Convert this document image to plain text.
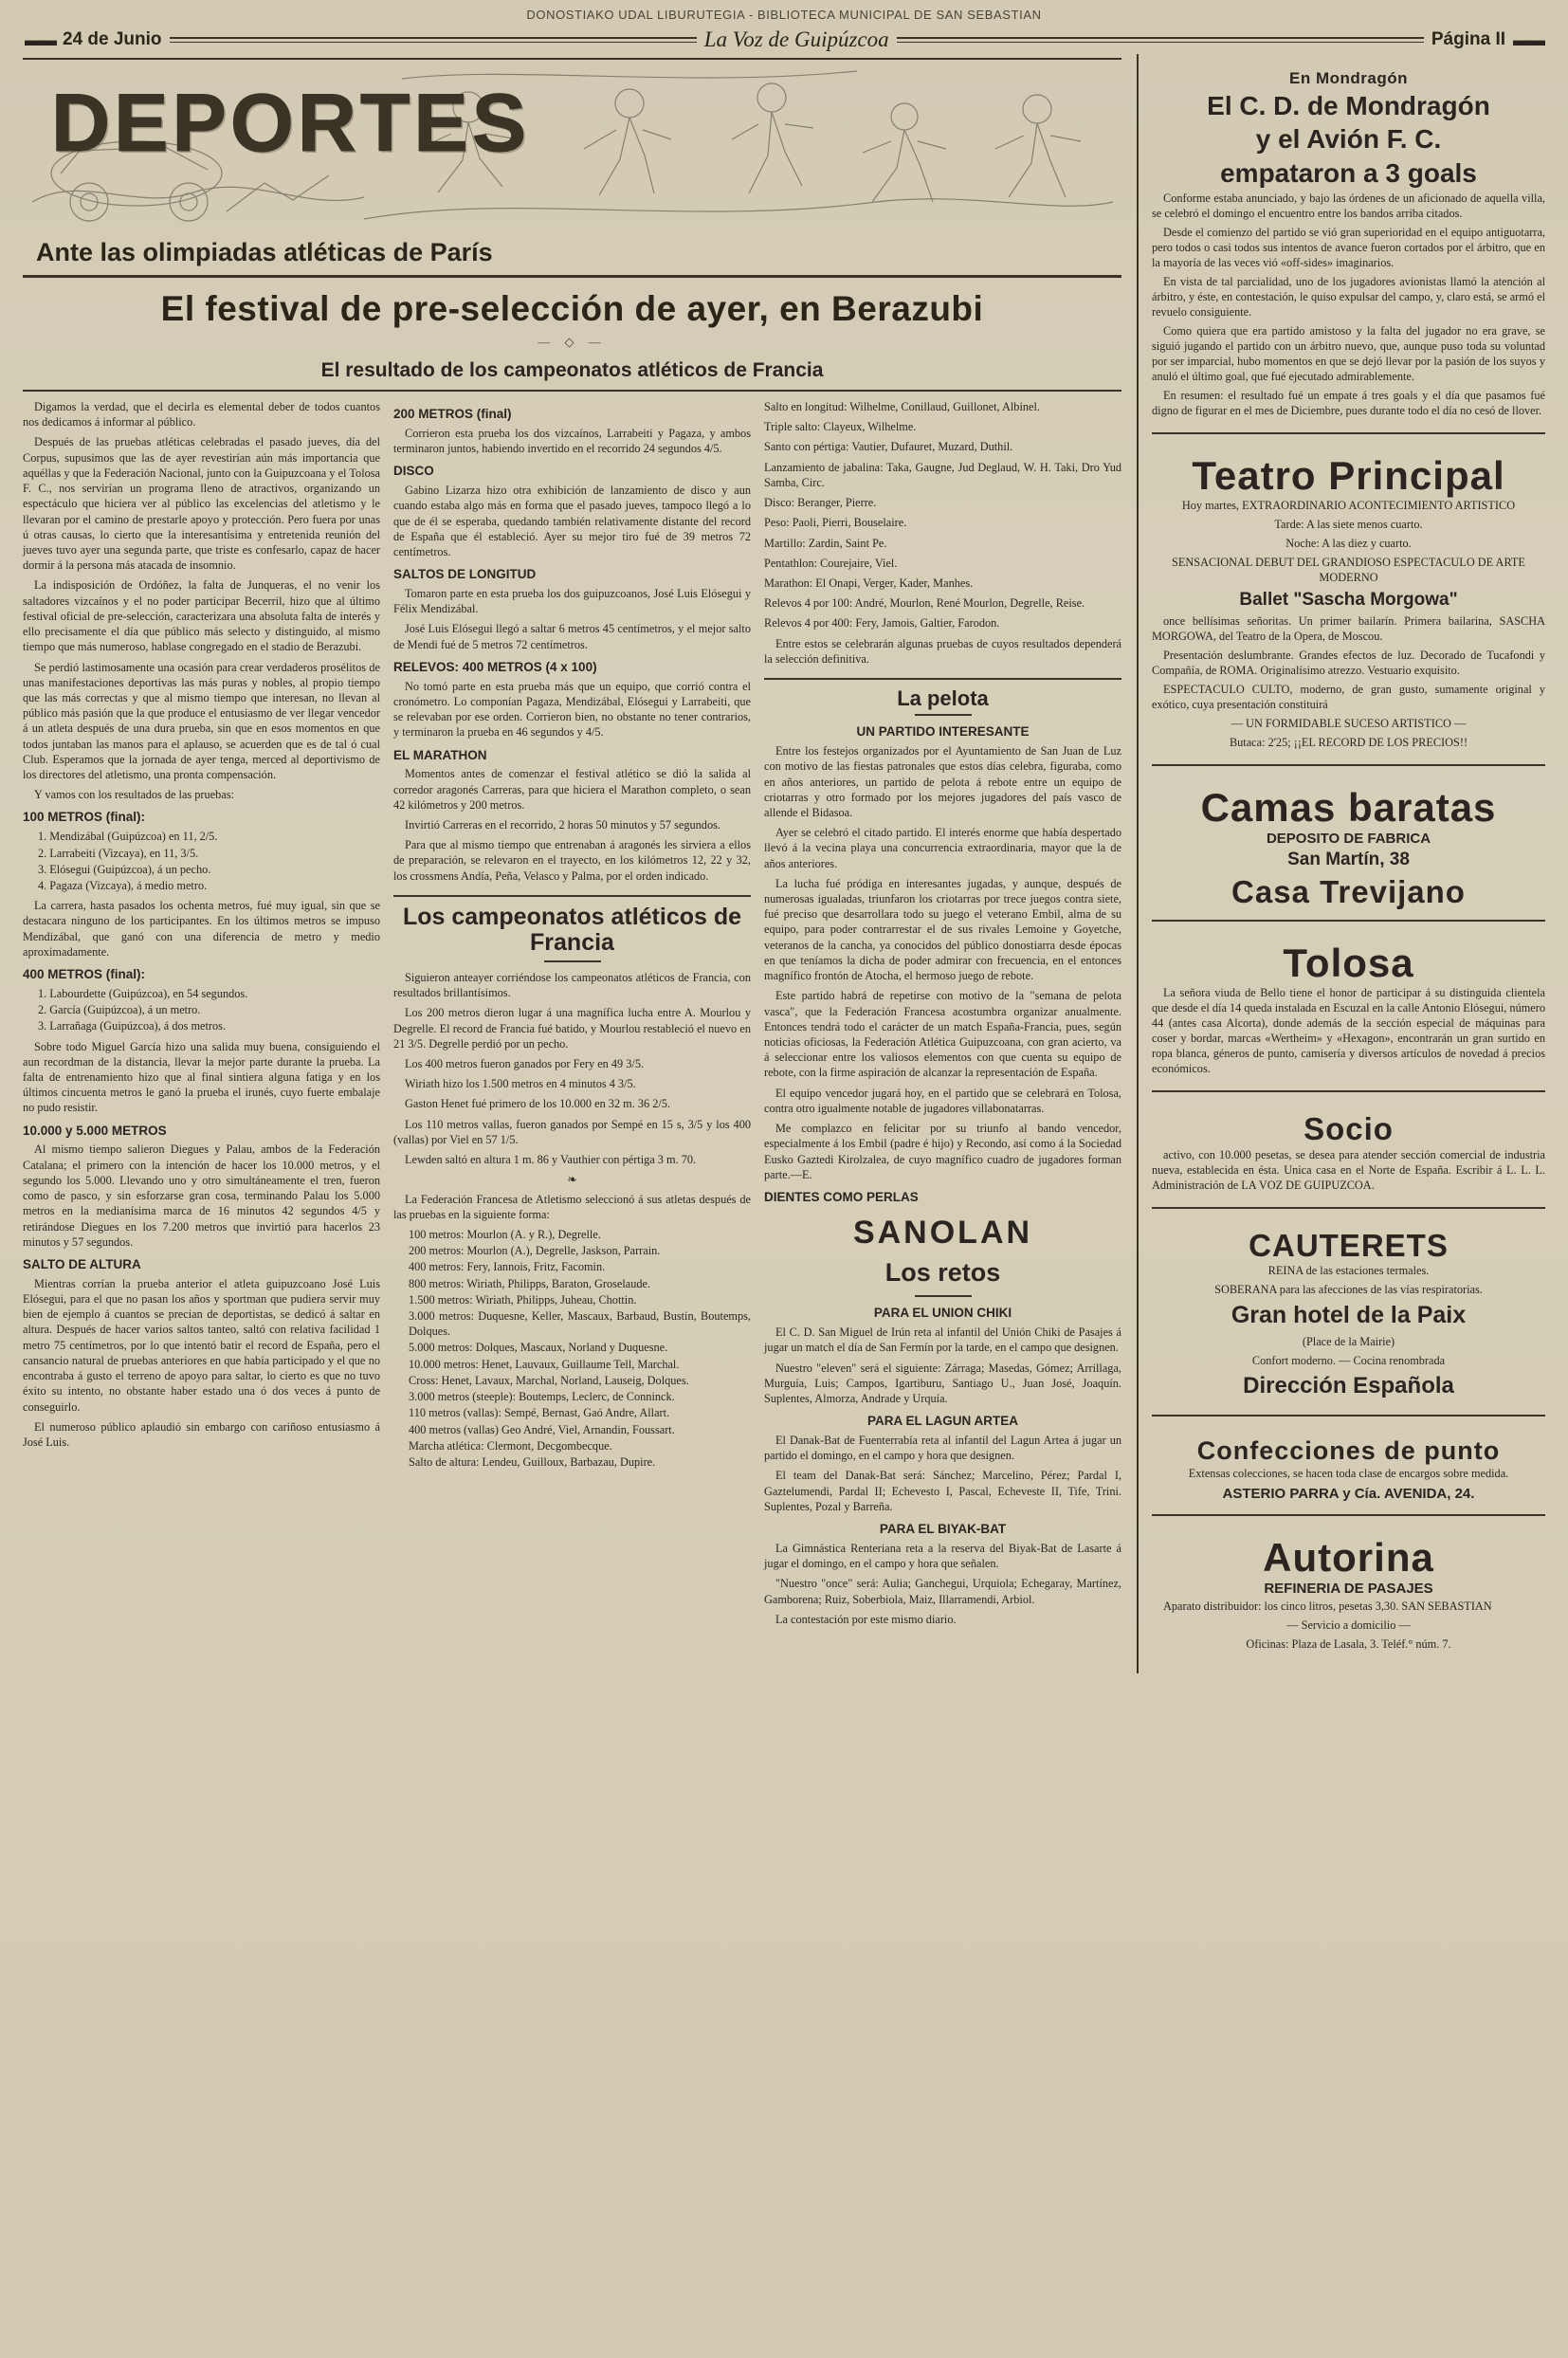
DONOSTIAKO UDAL LIBURUTEGIA - BIBLIOTECA MUNICIPAL DE SAN SEBASTIAN
▬▬ 24 de Junio	La Voz de Guipúzcoa	Página II ▬▬
DEPORTES
Ante las olimpiadas atléticas de París
El festival de pre-selección de ayer, en Berazubi
— ◇ —
El resultado de los campeonatos atléticos de Francia

Digamos la verdad, que el decirla es elemental deber de todos cuantos nos dedicamos á informar al público.

Después de las pruebas atléticas celebradas el pasado jueves, día del Corpus, supusimos que las de ayer revestirían aún más importancia que aquéllas y que la Federación Nacional, junto con la Guipuzcoana y el Tolosa F. C., nos servirían un programa lleno de atractivos, organizando un espectáculo que hiciera ver al público las excelencias del atletismo y le llevaran por el camino de prestarle apoyo y protección. Pero fuera por unas ú otras causas, lo cierto que la interesantísima y entretenida reunión del jueves tuvo ayer una segunda parte, que triste es confesarlo, capaz de hacer dormir á la persona más atacada de insomnio.

La indisposición de Ordóñez, la falta de Junqueras, el no venir los saltadores vizcaínos y el no poder participar Becerril, hizo que al último festival oficial de pre-selección, caracterizara una absoluta falta de interés y ello precisamente el día que público más selecto y distinguido, al mismo tiempo que más numeroso, hablase congregado en el stadio de Berazubi.

Se perdió lastimosamente una ocasión para crear verdaderos prosélitos de unas manifestaciones deportivas las más puras y nobles, al propio tiempo que las más correctas y que al mismo tiempo que interesan, no llevan al público más pasión que la que produce el entusiasmo de ver llegar vencedor á un atleta después de una dura prueba, sin que en esos momentos en que todos juntaban las manos para el aplauso, se acuerden que es de tal ó cual Club. Esperamos que la jornada de ayer tenga, merced al deportivismo de los directores del atletismo, una pronta compensación.

Y vamos con los resultados de las pruebas:

100 METROS (final):
1. Mendizábal (Guipúzcoa) en 11, 2/5.
2. Larrabeiti (Vizcaya), en 11, 3/5.
3. Elósegui (Guipúzcoa), á un pecho.
4. Pagaza (Vizcaya), á medio metro.

La carrera, hasta pasados los ochenta metros, fué muy igual, sin que se destacara ninguno de los participantes. En los últimos metros se impuso Mendizábal, que ganó con una diferencia de metro y medio aproximadamente.

400 METROS (final):
1. Labourdette (Guipúzcoa), en 54 segundos.
2. García (Guipúzcoa), á un metro.
3. Larrañaga (Guipúzcoa), á dos metros.

Sobre todo Miguel García hizo una salida muy buena, consiguiendo el aun recordman de la distancia, llevar la mejor parte durante la prueba. La falta de entrenamiento hizo que al final sintiera alguna fatiga y en los últimos cincuenta metros le ganó la prueba el irunés, cuyo fuerte embalaje no pudo resistir.

10.000 y 5.000 METROS

Al mismo tiempo salieron Diegues y Palau, ambos de la Federación Catalana; el primero con la intención de hacer los 10.000 metros, y el segundo los 5.000. Llevando uno y otro simultáneamente el tren, fueron como de pasco, y sin esforzarse gran cosa, terminando Palau los 5.000 metros en la medianísima marca de 16 minutos 42 segundos 4/5 y retirándose Diegues en los 7.200 metros que invirtió para hacerlos 23 minutos y 57 segundos.

SALTO DE ALTURA

Mientras corrían la prueba anterior el atleta guipuzcoano José Luis Elósegui, para el que no pasan los años y sportman que pudiera servir muy bien de ejemplo á cuantos se precian de deportistas, se dedicó á saltar en altura. Después de hacer varios saltos tanteo, saltó con relativa facilidad 1 metro 75 centímetros, por lo que intentó batir el record de España, pero el cansancio natural de pruebas anteriores en que había participado y el que no encontraba á gusto el terreno de apoyo para saltar, lo cierto es que no tuvo éxito su intento, no obstante haber estado una ó dos veces á punto de conseguirlo.

El numeroso público aplaudió sin embargo con cariñoso entusiasmo á José Luis.

200 METROS (final)

Corrieron esta prueba los dos vizcaínos, Larrabeiti y Pagaza, y ambos terminaron juntos, habiendo invertido en el recorrido 24 segundos 4/5.

DISCO

Gabino Lizarza hizo otra exhibición de lanzamiento de disco y aun cuando estaba algo más en forma que el pasado jueves, tampoco llegó a lo que de él se esperaba, quedando también relativamente distante del record de España que él estableció. Ayer su mejor tiro fué de 39 metros 72 centímetros.

SALTOS DE LONGITUD

Tomaron parte en esta prueba los dos guipuzcoanos, José Luis Elósegui y Félix Mendizábal.

José Luis Elósegui llegó a saltar 6 metros 45 centímetros, y el mejor salto de Mendi fué de 5 metros 72 centímetros.

RELEVOS: 400 METROS (4 x 100)

No tomó parte en esta prueba más que un equipo, que corrió contra el cronómetro. Lo componían Pagaza, Mendizábal, Elósegui y Larrabeiti, que se relevaban por ese orden. Corrieron bien, no obstante no tener contrarios, y terminaron la prueba en 46 segundos y 4/5.

EL MARATHON

Momentos antes de comenzar el festival atlético se dió la salida al corredor aragonés Carreras, para que hiciera el Marathon completo, o sean 42 kilómetros y 200 metros.

Invirtió Carreras en el recorrido, 2 horas 50 minutos y 57 segundos.

Para que al mismo tiempo que entrenaban á aragonés les sirviera a ellos de preparación, se relevaron en el trayecto, en los kilómetros 12, 22 y 32, los crossmens Andía, Peña, Velasco y Palma, por el orden indicado.

Los campeonatos atléticos de Francia

Siguieron anteayer corriéndose los campeonatos atléticos de Francia, con resultados brillantísimos.

Los 200 metros dieron lugar á una magnífica lucha entre A. Mourlou y Degrelle. El record de Francia fué batido, y Mourlou restableció el nuevo en 21 3/5. Degrelle perdió por un pecho.

Los 400 metros fueron ganados por Fery en 49 3/5.

Wiriath hizo los 1.500 metros en 4 minutos 4 3/5.

Gaston Henet fué primero de los 10.000 en 32 m. 36 2/5.

Los 110 metros vallas, fueron ganados por Sempé en 15 s, 3/5 y los 400 (vallas) por Viel en 57 1/5.

Lewden saltó en altura 1 m. 86 y Vauthier con pértiga 3 m. 70.

❧

La Federación Francesa de Atletismo seleccionó á sus atletas después de las pruebas en la siguiente forma:

100 metros: Mourlon (A. y R.), Degrelle.
200 metros: Mourlon (A.), Degrelle, Jaskson, Parrain.
400 metros: Fery, Iannois, Fritz, Facomin.
800 metros: Wiriath, Philipps, Baraton, Groselaude.
1.500 metros: Wiriath, Philipps, Juheau, Chottin.
3.000 metros: Duquesne, Keller, Mascaux, Barbaud, Bustin, Boutemps, Dolques.
5.000 metros: Dolques, Mascaux, Norland y Duquesne.
10.000 metros: Henet, Lauvaux, Guillaume Tell, Marchal.
Cross: Henet, Lavaux, Marchal, Norland, Lauseig, Dolques.
3.000 metros (steeple): Boutemps, Leclerc, de Conninck.
110 metros (vallas): Sempé, Bernast, Gaó Andre, Allart.
400 metros (vallas) Geo André, Viel, Arnandin, Foussart.
Marcha atlética: Clermont, Decgombecque.
Salto de altura: Lendeu, Guilloux, Barbazau, Dupire.

Salto en longitud: Wilhelme, Conillaud, Guillonet, Albinel.

Triple salto: Clayeux, Wilhelme.

Santo con pértiga: Vautier, Dufauret, Muzard, Duthil.

Lanzamiento de jabalina: Taka, Gaugne, Jud Deglaud, W. H. Taki, Dro Yud Samba, Circ.

Disco: Beranger, Pierre.

Peso: Paoli, Pierri, Bouselaire.

Martillo: Zardin, Saint Pe.

Pentathlon: Courejaire, Viel.

Marathon: El Onapi, Verger, Kader, Manhes.

Relevos 4 por 100: André, Mourlon, René Mourlon, Degrelle, Reise.

Relevos 4 por 400: Fery, Jamois, Galtier, Farodon.

Entre estos se celebrarán algunas pruebas de cuyos resultados dependerá la selección definitiva.

La pelota
UN PARTIDO INTERESANTE

Entre los festejos organizados por el Ayuntamiento de San Juan de Luz con motivo de las fiestas patronales que estos días celebra, figuraba, como en años anteriores, un partido de pelota á rebote entre un equipo de criotarras y otro formado por los mejores jugadores del país vasco de allende el Bidasoa.

Ayer se celebró el citado partido. El interés enorme que había despertado llevó á la vecina playa una concurrencia extraordinaria, mayor que la de años anteriores.

La lucha fué pródiga en interesantes jugadas, y aunque, después de numerosas igualadas, triunfaron los criotarras por trece juegos contra siete, fué preciso que desarrollara todo su juego el veterano Embil, alma de su equipo, para poder contrarrestar el de sus rivales Lemoine y Goyetche, veteranos de la cancha, ya conocidos del público donostiarra desde épocas en que teníamos la dicha de poder admirar con frecuencia, en el entonces magnífico frontón de Atocha, el hermoso juego de rebote.

Este partido habrá de repetirse con motivo de la "semana de pelota vasca", que la Federación Francesa acostumbra organizar anualmente. Entonces tendrá todo el carácter de un match España-Francia, pues, según noticias oficiosas, la Federación Atlética Guipuzcoana, con gran acierto, va á seleccionar entre los valiosos elementos con que cuenta su equipo de rebote, con la firme aspiración de alcanzar la representación de España.

El equipo vencedor jugará hoy, en el partido que se celebrará en Tolosa, contra otro igualmente notable de jugadores villabonatarras.

Me complazco en felicitar por su triunfo al bando vencedor, especialmente á los Embil (padre é hijo) y Recondo, así como á la Sociedad Eusko Gaztedi Kirolzalea, de cuyo magnífico cuadro de jugadores forman parte.—E.

DIENTES COMO PERLAS
SANOLAN
Los retos
PARA EL UNION CHIKI

El C. D. San Miguel de Irún reta al infantil del Unión Chiki de Pasajes á jugar un match el día de San Fermín por la tarde, en el campo que designen.

Nuestro "eleven" será el siguiente: Zárraga; Masedas, Gómez; Arrillaga, Murguía, Luis; Campos, Igartiburu, Santiago U., Juan José, Joaquín. Suplentes, Almorza, Andrade y Urquía.

PARA EL LAGUN ARTEA

El Danak-Bat de Fuenterrabía reta al infantil del Lagun Artea á jugar un partido el domingo, en el campo y hora que designen.

El team del Danak-Bat será: Sánchez; Marcelino, Pérez; Pardal I, Gaztelumendi, Pardal II; Echevesto I, Pascal, Echeveste II, Tife, Trini. Suplentes, Pozal y Barreña.

PARA EL BIYAK-BAT

La Gimnástica Renteriana reta a la reserva del Biyak-Bat de Lasarte á jugar el domingo, en el campo y hora que señalen.

"Nuestro "once" será: Aulia; Ganchegui, Urquiola; Echegaray, Martínez, Gamborena; Ruiz, Soberbiola, Maiz, Illarramendi, Arbiol.

La contestación por este mismo diario.

En Mondragón
El C. D. de Mondragón
y el Avión F. C.
empataron a 3 goals

Conforme estaba anunciado, y bajo las órdenes de un aficionado de aquella villa, se celebró el domingo el encuentro entre los bandos arriba citados.

Desde el comienzo del partido se vió gran superioridad en el equipo antiguotarra, pero todos o casi todos sus intentos de avance fueron cortados por el árbitro, que en la mayoría de las veces vió «off-sides» imaginarios.

En vista de tal parcialidad, uno de los jugadores avionistas llamó la atención al árbitro, y éste, en contestación, le quiso expulsar del campo, y, claro está, se armó el revuelo consiguiente.

Como quiera que era partido amistoso y la falta del jugador no era grave, se siguió jugando el partido con un árbitro nuevo, que, aunque puso toda su voluntad por ser imparcial, hubo momentos en que se dejó llevar por la pasión de los suyos y anuló el último goal, que fué ejecutado admirablemente.

En resumen: el resultado fué un empate á tres goals y el día que pasamos fué digno de figurar en el mes de Diciembre, pues durante todo el día no cesó de llover.

Teatro Principal

Hoy martes, EXTRAORDINARIO ACONTECIMIENTO ARTISTICO

Tarde: A las siete menos cuarto.

Noche: A las diez y cuarto.

SENSACIONAL DEBUT DEL GRANDIOSO ESPECTACULO DE ARTE MODERNO

Ballet "Sascha Morgowa"

once bellísimas señoritas. Un primer bailarín. Primera bailarina, SASCHA MORGOWA, del Teatro de la Opera, de Moscou.

Presentación deslumbrante. Grandes efectos de luz. Decorado de Tucafondi y Compañía, de ROMA. Originalísimo atrezzo. Vestuario exquisito.

ESPECTACULO CULTO, moderno, de gran gusto, sumamente original y exótico, cuya presentación constituirá

— UN FORMIDABLE SUCESO ARTISTICO —

Butaca: 2'25; ¡¡EL RECORD DE LOS PRECIOS!!

Camas baratas
DEPOSITO DE FABRICA
San Martín, 38
Casa Trevijano
Tolosa

La señora viuda de Bello tiene el honor de participar á su distinguida clientela que desde el día 14 queda instalada en Escuzal en la calle Antonio Elósegui, número 44 (antes casa Alcorta), donde además de la sección especial de máquinas para coser y bordar, marcas «Wertheim» y «Hexagon», encontrarán un gran surtido en ropa blanca, géneros de punto, camisería y diversos artículos de novedad á precios económicos.

Socio

activo, con 10.000 pesetas, se desea para atender sección comercial de industria nueva, establecida en ésta. Unica casa en el Norte de España. Escribir á L. L. L. Administración de LA VOZ DE GUIPUZCOA.

CAUTERETS

REINA de las estaciones termales.

SOBERANA para las afecciones de las vías respiratorias.

Gran hotel de la Paix

(Place de la Mairie)

Confort moderno. — Cocina renombrada

Dirección Española
Confecciones de punto

Extensas colecciones, se hacen toda clase de encargos sobre medida.

ASTERIO PARRA y Cía. AVENIDA, 24.
Autorina
REFINERIA DE PASAJES

Aparato distribuidor: los cinco litros, pesetas 3,30. SAN SEBASTIAN

— Servicio a domicilio —

Oficinas: Plaza de Lasala, 3. Teléf.° núm. 7.
